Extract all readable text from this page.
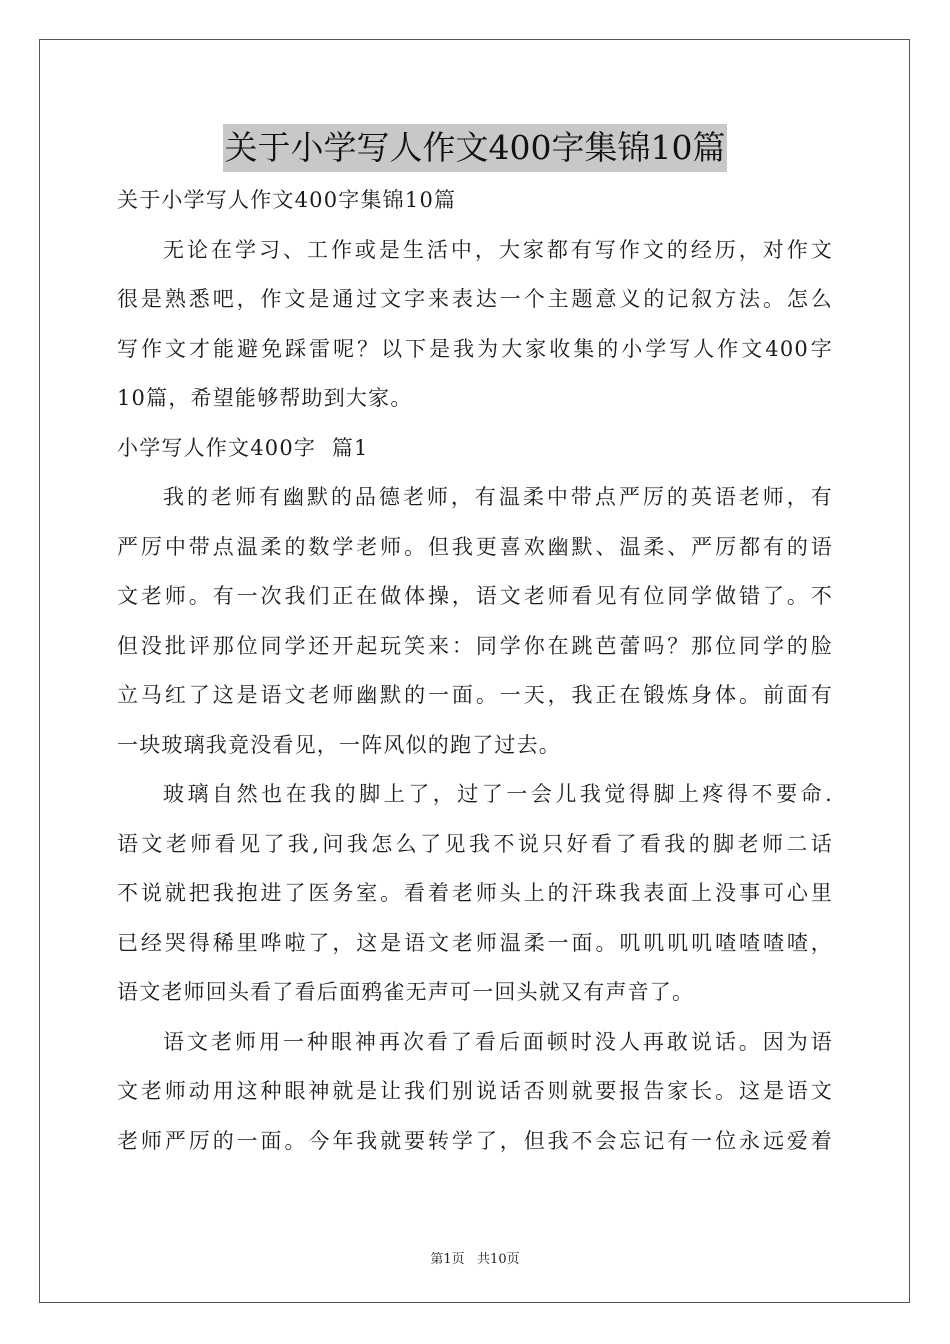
关于小学写人作文400字集锦10篇
关于小学写人作文400字集锦10篇
无论在学习、工作或是生活中，大家都有写作文的经历，对作文
很是熟悉吧，作文是通过文字来表达一个主题意义的记叙方法。怎么
写作文才能避免踩雷呢？以下是我为大家收集的小学写人作文400字
10篇，希望能够帮助到大家。
小学写人作文400字  篇1
我的老师有幽默的品德老师，有温柔中带点严厉的英语老师，有
严厉中带点温柔的数学老师。但我更喜欢幽默、温柔、严厉都有的语
文老师。有一次我们正在做体操，语文老师看见有位同学做错了。不
但没批评那位同学还开起玩笑来：同学你在跳芭蕾吗？那位同学的脸
立马红了这是语文老师幽默的一面。一天，我正在锻炼身体。前面有
一块玻璃我竟没看见，一阵风似的跑了过去。
玻璃自然也在我的脚上了，过了一会儿我觉得脚上疼得不要命.
语文老师看见了我,问我怎么了见我不说只好看了看我的脚老师二话
不说就把我抱进了医务室。看着老师头上的汗珠我表面上没事可心里
已经哭得稀里哗啦了，这是语文老师温柔一面。叽叽叽叽喳喳喳喳，
语文老师回头看了看后面鸦雀无声可一回头就又有声音了。
语文老师用一种眼神再次看了看后面顿时没人再敢说话。因为语
文老师动用这种眼神就是让我们别说话否则就要报告家长。这是语文
老师严厉的一面。今年我就要转学了，但我不会忘记有一位永远爱着
第1页   共10页
